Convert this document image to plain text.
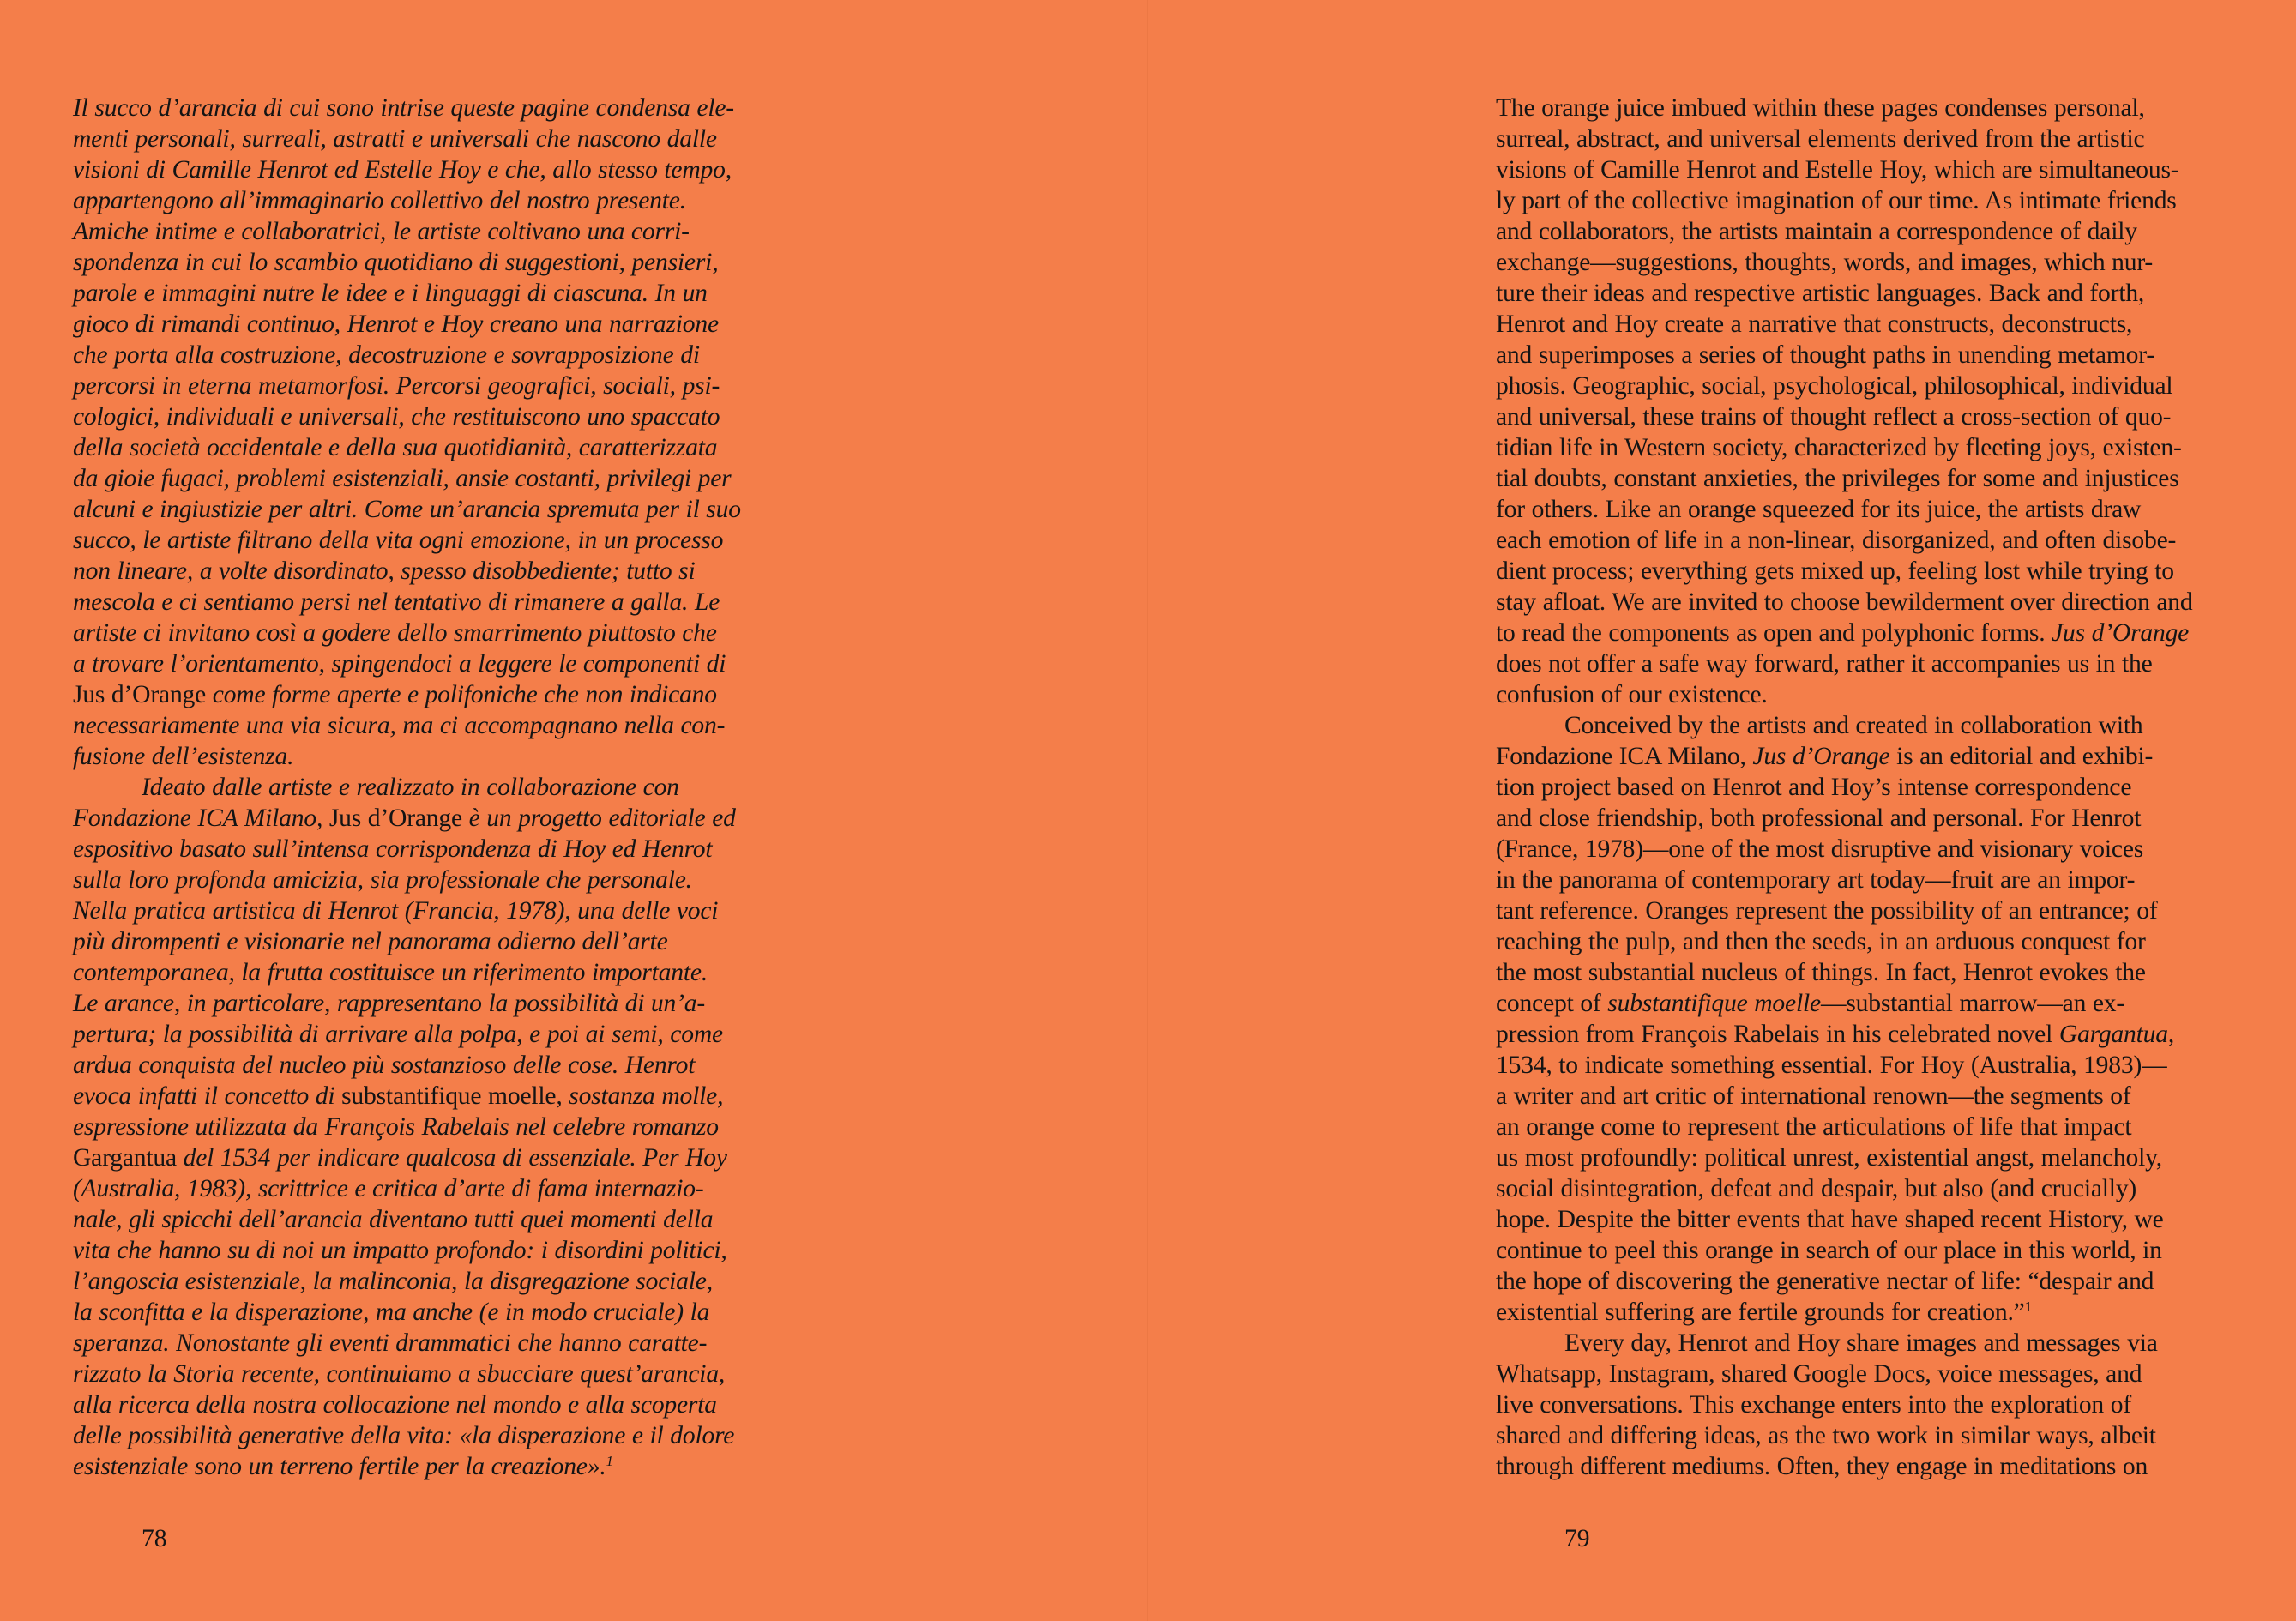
Il succo d’arancia di cui sono intrise queste pagine condensa ele-
menti personali, surreali, astratti e universali che nascono dalle
visioni di Camille Henrot ed Estelle Hoy e che, allo stesso tempo,
appartengono all’immaginario collettivo del nostro presente.
Amiche intime e collaboratrici, le artiste coltivano una corri-
spondenza in cui lo scambio quotidiano di suggestioni, pensieri,
parole e immagini nutre le idee e i linguaggi di ciascuna. In un
gioco di rimandi continuo, Henrot e Hoy creano una narrazione
che porta alla costruzione, decostruzione e sovrapposizione di
percorsi in eterna metamorfosi. Percorsi geografici, sociali, psi-
cologici, individuali e universali, che restituiscono uno spaccato
della società occidentale e della sua quotidianità, caratterizzata
da gioie fugaci, problemi esistenziali, ansie costanti, privilegi per
alcuni e ingiustizie per altri. Come un’arancia spremuta per il suo
succo, le artiste filtrano della vita ogni emozione, in un processo
non lineare, a volte disordinato, spesso disobbediente; tutto si
mescola e ci sentiamo persi nel tentativo di rimanere a galla. Le
artiste ci invitano così a godere dello smarrimento piuttosto che
a trovare l’orientamento, spingendoci a leggere le componenti di
Jus d’Orange come forme aperte e polifoniche che non indicano
necessariamente una via sicura, ma ci accompagnano nella con-
fusione dell’esistenza.
Ideato dalle artiste e realizzato in collaborazione con
Fondazione ICA Milano, Jus d’Orange è un progetto editoriale ed
espositivo basato sull’intensa corrispondenza di Hoy ed Henrot
sulla loro profonda amicizia, sia professionale che personale.
Nella pratica artistica di Henrot (Francia, 1978), una delle voci
più dirompenti e visionarie nel panorama odierno dell’arte
contemporanea, la frutta costituisce un riferimento importante.
Le arance, in particolare, rappresentano la possibilità di un’a-
pertura; la possibilità di arrivare alla polpa, e poi ai semi, come
ardua conquista del nucleo più sostanzioso delle cose. Henrot
evoca infatti il concetto di substantifique moelle, sostanza molle,
espressione utilizzata da François Rabelais nel celebre romanzo
Gargantua del 1534 per indicare qualcosa di essenziale. Per Hoy
(Australia, 1983), scrittrice e critica d’arte di fama internazio-
nale, gli spicchi dell’arancia diventano tutti quei momenti della
vita che hanno su di noi un impatto profondo: i disordini politici,
l’angoscia esistenziale, la malinconia, la disgregazione sociale,
la sconfitta e la disperazione, ma anche (e in modo cruciale) la
speranza. Nonostante gli eventi drammatici che hanno caratte-
rizzato la Storia recente, continuiamo a sbucciare quest’arancia,
alla ricerca della nostra collocazione nel mondo e alla scoperta
delle possibilità generative della vita: «la disperazione e il dolore
esistenziale sono un terreno fertile per la creazione».$^1$
78
The orange juice imbued within these pages condenses personal,
surreal, abstract, and universal elements derived from the artistic
visions of Camille Henrot and Estelle Hoy, which are simultaneous-
ly part of the collective imagination of our time. As intimate friends
and collaborators, the artists maintain a correspondence of daily
exchange—suggestions, thoughts, words, and images, which nur-
ture their ideas and respective artistic languages. Back and forth,
Henrot and Hoy create a narrative that constructs, deconstructs,
and superimposes a series of thought paths in unending metamor-
phosis. Geographic, social, psychological, philosophical, individual
and universal, these trains of thought reflect a cross-section of quo-
tidian life in Western society, characterized by fleeting joys, existen-
tial doubts, constant anxieties, the privileges for some and injustices
for others. Like an orange squeezed for its juice, the artists draw
each emotion of life in a non-linear, disorganized, and often disobe-
dient process; everything gets mixed up, feeling lost while trying to
stay afloat. We are invited to choose bewilderment over direction and
to read the components as open and polyphonic forms. Jus d’Orange
does not offer a safe way forward, rather it accompanies us in the
confusion of our existence.
Conceived by the artists and created in collaboration with
Fondazione ICA Milano, Jus d’Orange is an editorial and exhibi-
tion project based on Henrot and Hoy’s intense correspondence
and close friendship, both professional and personal. For Henrot
(France, 1978)—one of the most disruptive and visionary voices
in the panorama of contemporary art today—fruit are an impor-
tant reference. Oranges represent the possibility of an entrance; of
reaching the pulp, and then the seeds, in an arduous conquest for
the most substantial nucleus of things. In fact, Henrot evokes the
concept of substantifique moelle—substantial marrow—an ex-
pression from François Rabelais in his celebrated novel Gargantua,
1534, to indicate something essential. For Hoy (Australia, 1983)—
a writer and art critic of international renown—the segments of
an orange come to represent the articulations of life that impact
us most profoundly: political unrest, existential angst, melancholy,
social disintegration, defeat and despair, but also (and crucially)
hope. Despite the bitter events that have shaped recent History, we
continue to peel this orange in search of our place in this world, in
the hope of discovering the generative nectar of life: “despair and
existential suffering are fertile grounds for creation.”$^1$
Every day, Henrot and Hoy share images and messages via
Whatsapp, Instagram, shared Google Docs, voice messages, and
live conversations. This exchange enters into the exploration of
shared and differing ideas, as the two work in similar ways, albeit
through different mediums. Often, they engage in meditations on
79
